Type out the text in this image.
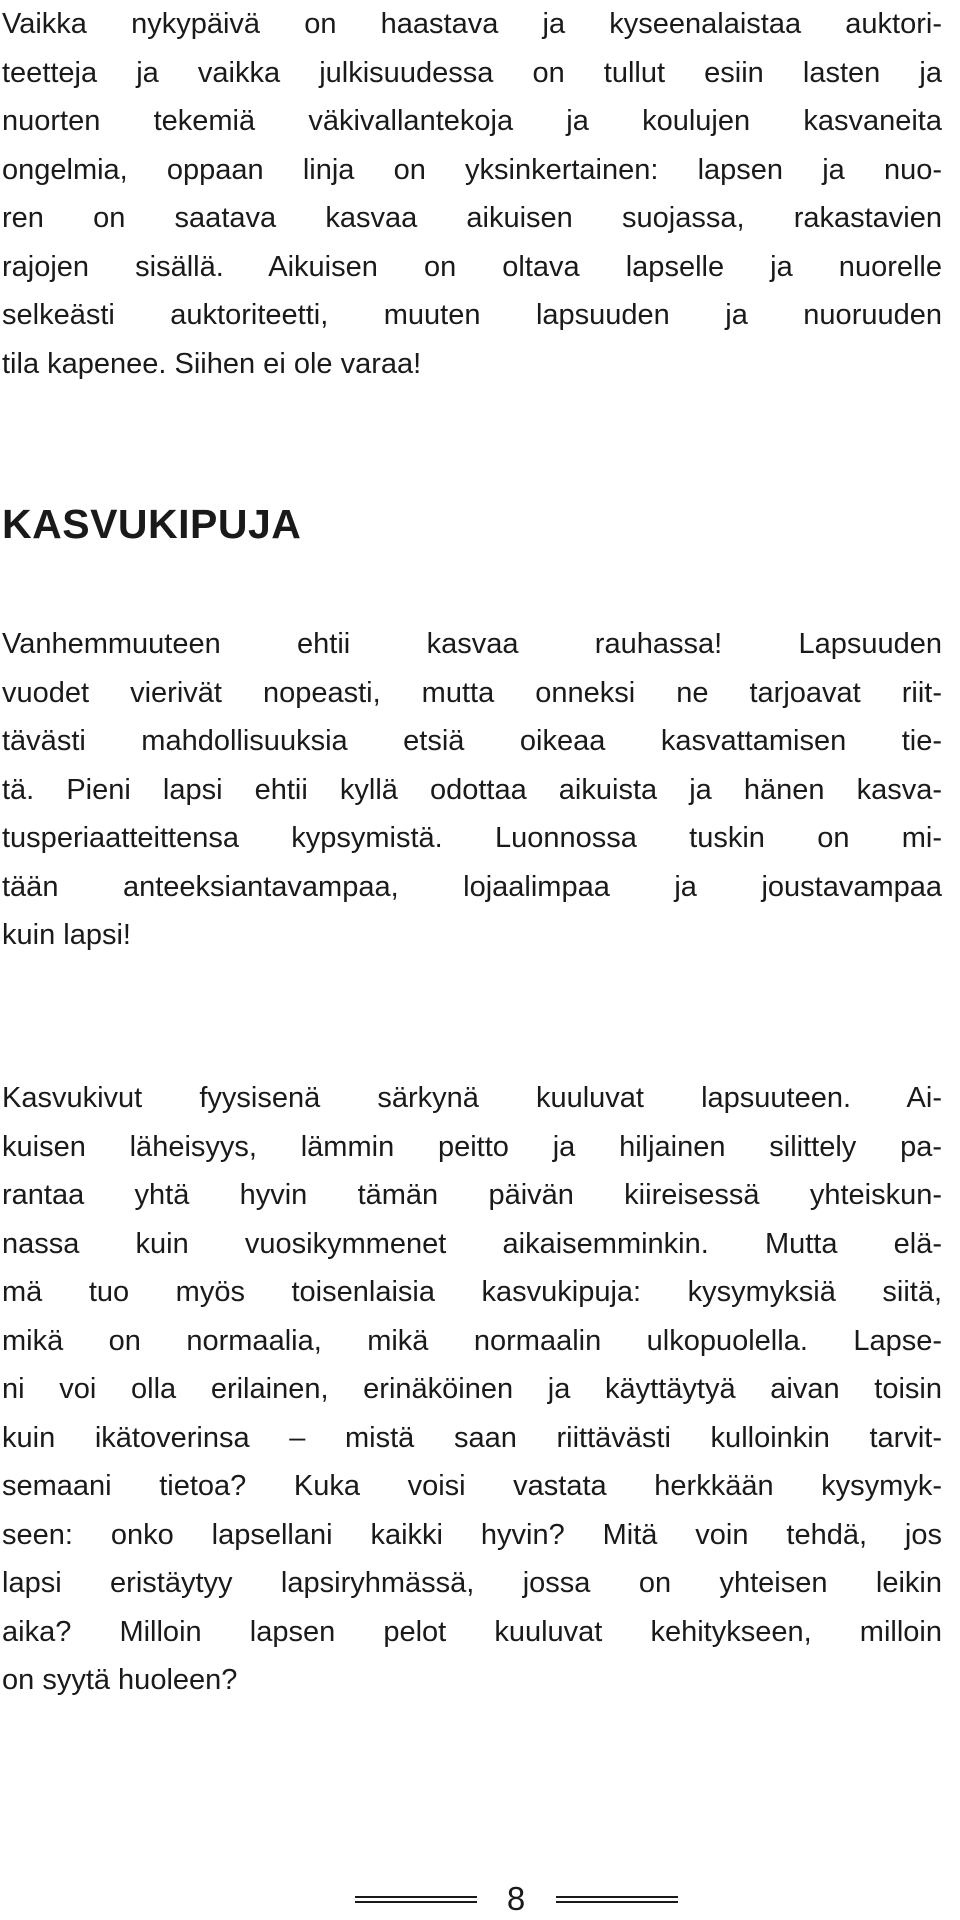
Vaikka nykypäivä on haastava ja kyseenalaistaa auktori-
teetteja ja vaikka julkisuudessa on tullut esiin lasten ja
nuorten tekemiä väkivallantekoja ja koulujen kasvaneita
ongelmia, oppaan linja on yksinkertainen: lapsen ja nuo-
ren on saatava kasvaa aikuisen suojassa, rakastavien
rajojen sisällä. Aikuisen on oltava lapselle ja nuorelle
selkeästi auktoriteetti, muuten lapsuuden ja nuoruuden
tila kapenee. Siihen ei ole varaa!
KASVUKIPUJA
Vanhemmuuteen ehtii kasvaa rauhassa! Lapsuuden
vuodet vierivät nopeasti, mutta onneksi ne tarjoavat riit-
tävästi mahdollisuuksia etsiä oikeaa kasvattamisen tie-
tä. Pieni lapsi ehtii kyllä odottaa aikuista ja hänen kasva-
tusperiaatteittensa kypsymistä. Luonnossa tuskin on mi-
tään anteeksiantavampaa, lojaalimpaa ja joustavampaa
kuin lapsi!
Kasvukivut fyysisenä särkynä kuuluvat lapsuuteen. Ai-
kuisen läheisyys, lämmin peitto ja hiljainen silittely pa-
rantaa yhtä hyvin tämän päivän kiireisessä yhteiskun-
nassa kuin vuosikymmenet aikaisemminkin. Mutta elä-
mä tuo myös toisenlaisia kasvukipuja: kysymyksiä siitä,
mikä on normaalia, mikä normaalin ulkopuolella. Lapse-
ni voi olla erilainen, erinäköinen ja käyttäytyä aivan toisin
kuin ikätoverinsa – mistä saan riittävästi kulloinkin tarvit-
semaani tietoa? Kuka voisi vastata herkkään kysymyk-
seen: onko lapsellani kaikki hyvin? Mitä voin tehdä, jos
lapsi eristäytyy lapsiryhmässä, jossa on yhteisen leikin
aika? Milloin lapsen pelot kuuluvat kehitykseen, milloin
on syytä huoleen?
8
